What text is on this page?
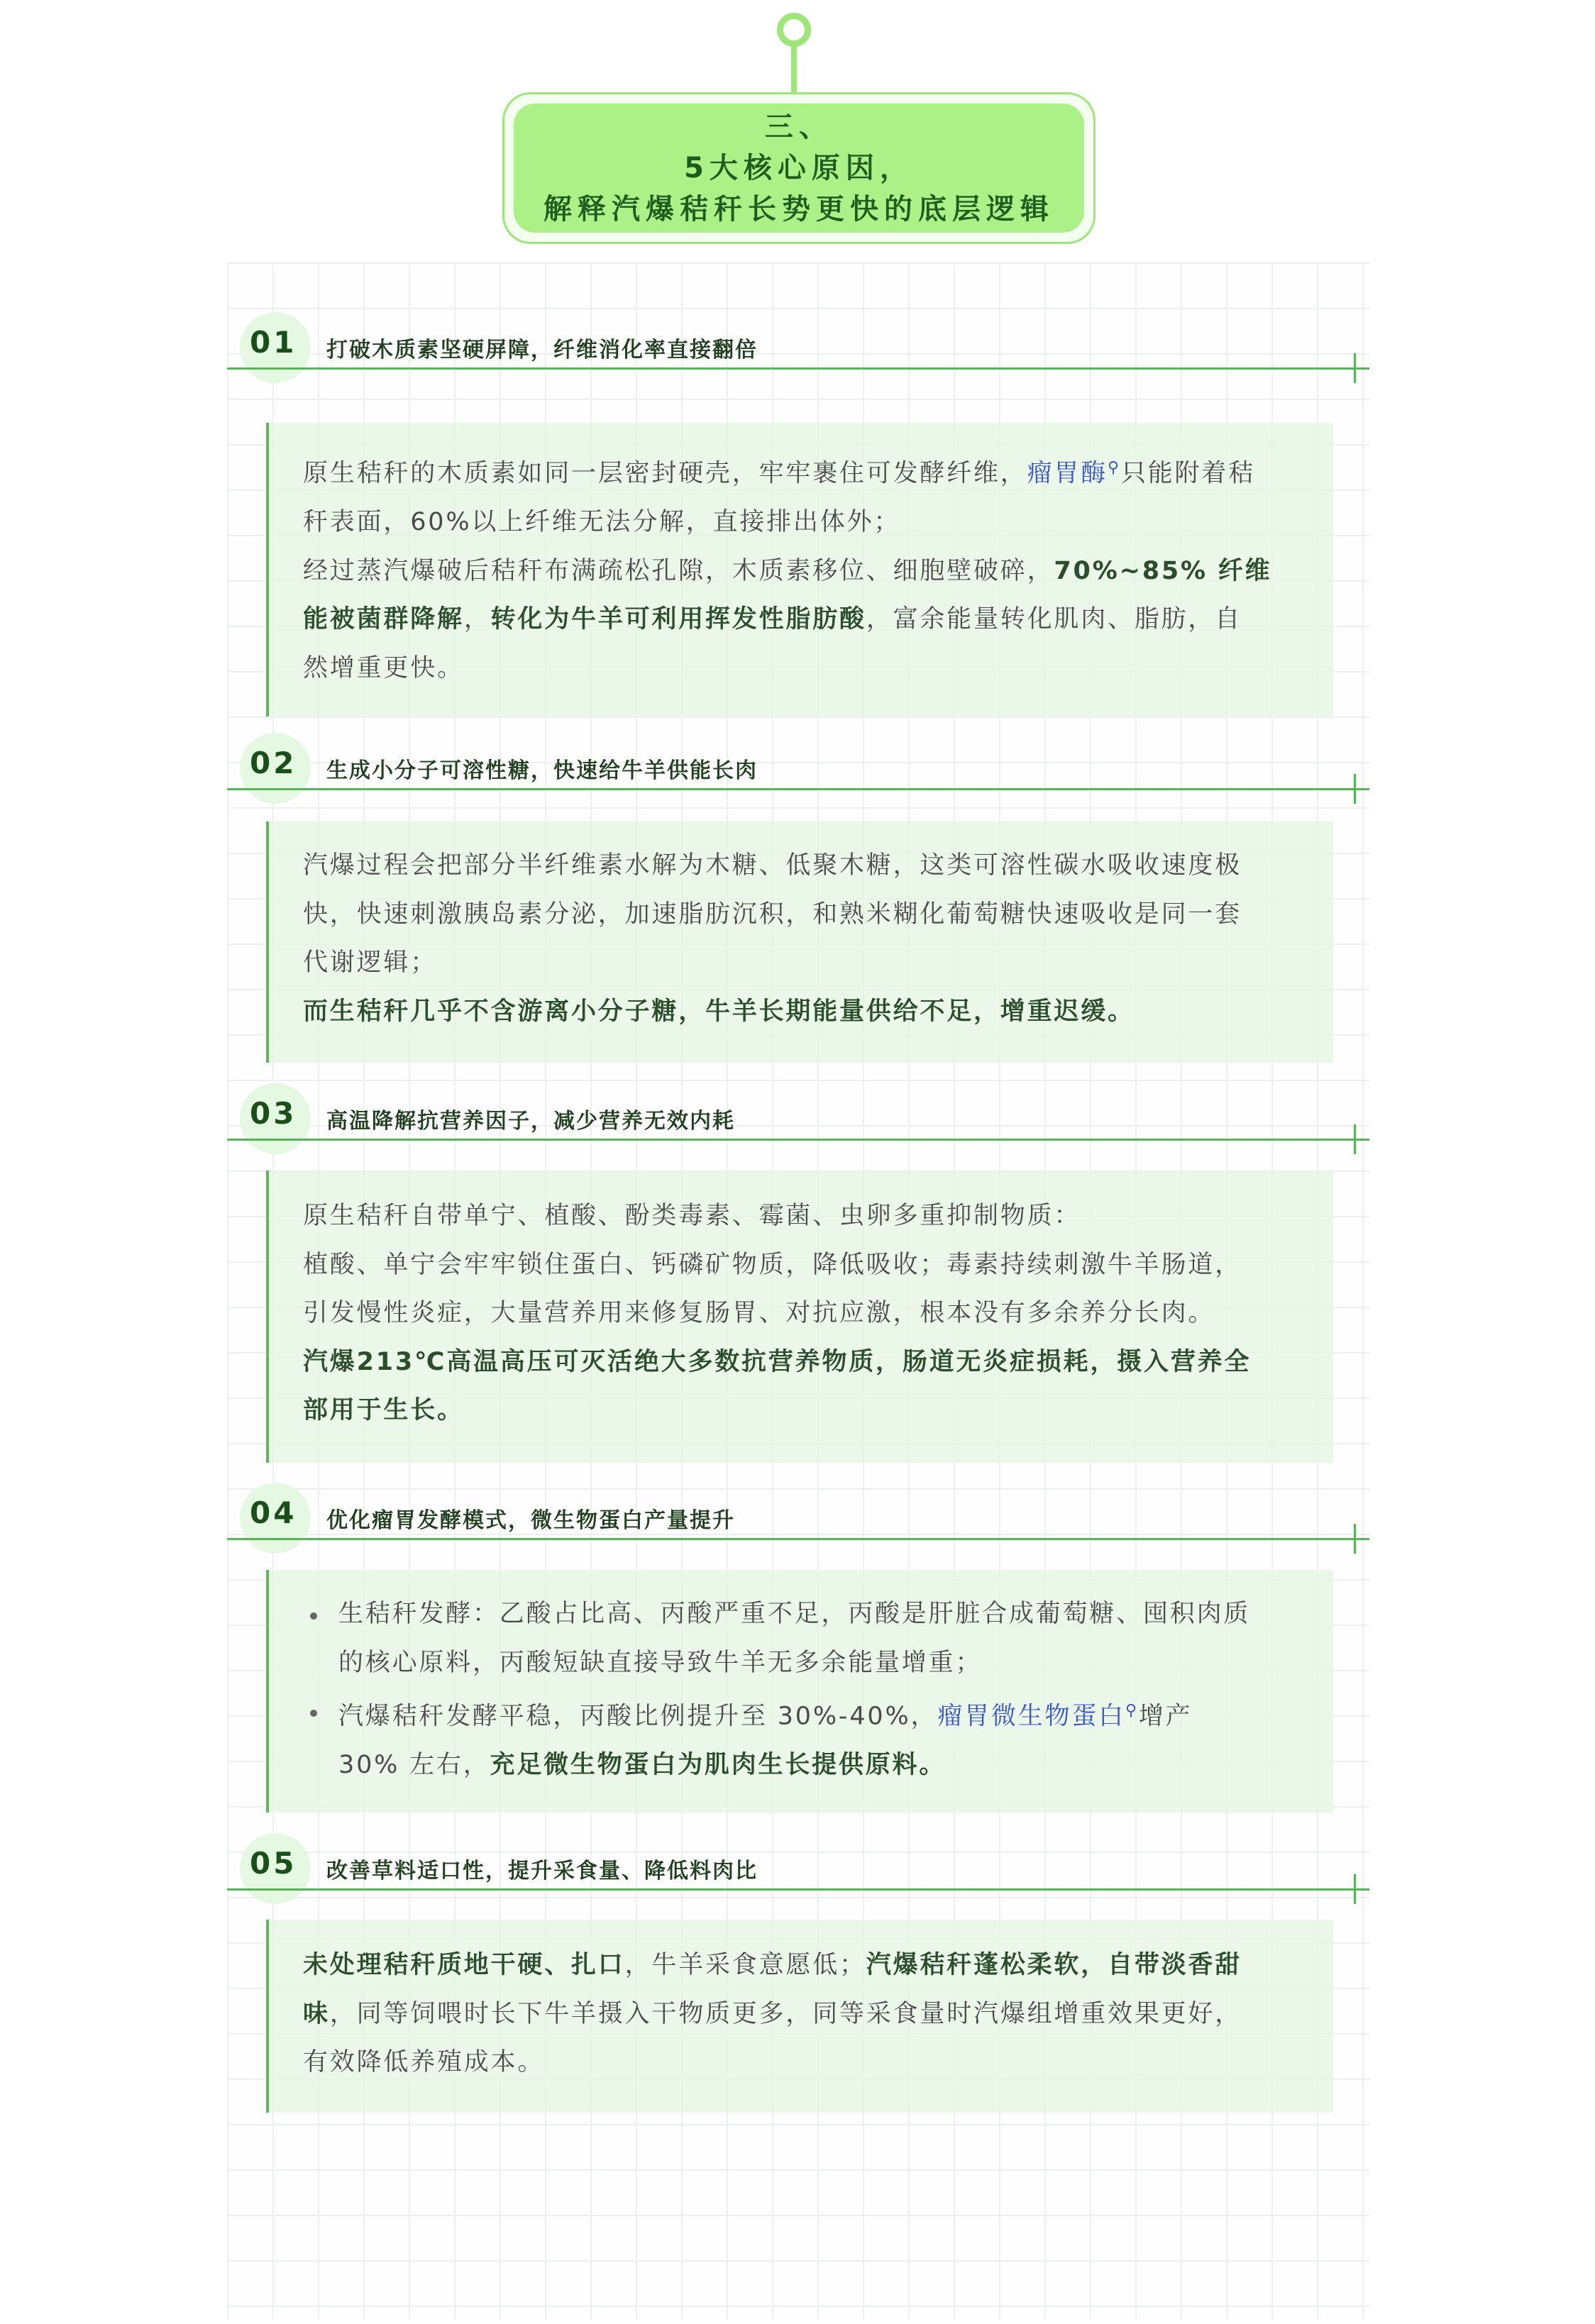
三、
5大核心原因，
解释汽爆秸秆长势更快的底层逻辑
01 打破木质素坚硬屏障，纤维消化率直接翻倍
原生秸秆的木质素如同一层密封硬壳，牢牢裹住可发酵纤维，瘤胃酶⚲只能附着秸
秆表面，60%以上纤维无法分解，直接排出体外；
经过蒸汽爆破后秸秆布满疏松孔隙，木质素移位、细胞壁破碎，70%~85% 纤维
能被菌群降解，转化为牛羊可利用挥发性脂肪酸，富余能量转化肌肉、脂肪，自
然增重更快。
02 生成小分子可溶性糖，快速给牛羊供能长肉
汽爆过程会把部分半纤维素水解为木糖、低聚木糖，这类可溶性碳水吸收速度极
快，快速刺激胰岛素分泌，加速脂肪沉积，和熟米糊化葡萄糖快速吸收是同一套
代谢逻辑；
而生秸秆几乎不含游离小分子糖，牛羊长期能量供给不足，增重迟缓。
03 高温降解抗营养因子，减少营养无效内耗
原生秸秆自带单宁、植酸、酚类毒素、霉菌、虫卵多重抑制物质：
植酸、单宁会牢牢锁住蛋白、钙磷矿物质，降低吸收；毒素持续刺激牛羊肠道，
引发慢性炎症，大量营养用来修复肠胃、对抗应激，根本没有多余养分长肉。
汽爆213℃高温高压可灭活绝大多数抗营养物质，肠道无炎症损耗，摄入营养全
部用于生长。
04 优化瘤胃发酵模式，微生物蛋白产量提升
生秸秆发酵：乙酸占比高、丙酸严重不足，丙酸是肝脏合成葡萄糖、囤积肉质
的核心原料，丙酸短缺直接导致牛羊无多余能量增重；
汽爆秸秆发酵平稳，丙酸比例提升至 30%-40%，瘤胃微生物蛋白⚲增产
30% 左右，充足微生物蛋白为肌肉生长提供原料。
05 改善草料适口性，提升采食量、降低料肉比
未处理秸秆质地干硬、扎口，牛羊采食意愿低；汽爆秸秆蓬松柔软，自带淡香甜
味，同等饲喂时长下牛羊摄入干物质更多，同等采食量时汽爆组增重效果更好，
有效降低养殖成本。
